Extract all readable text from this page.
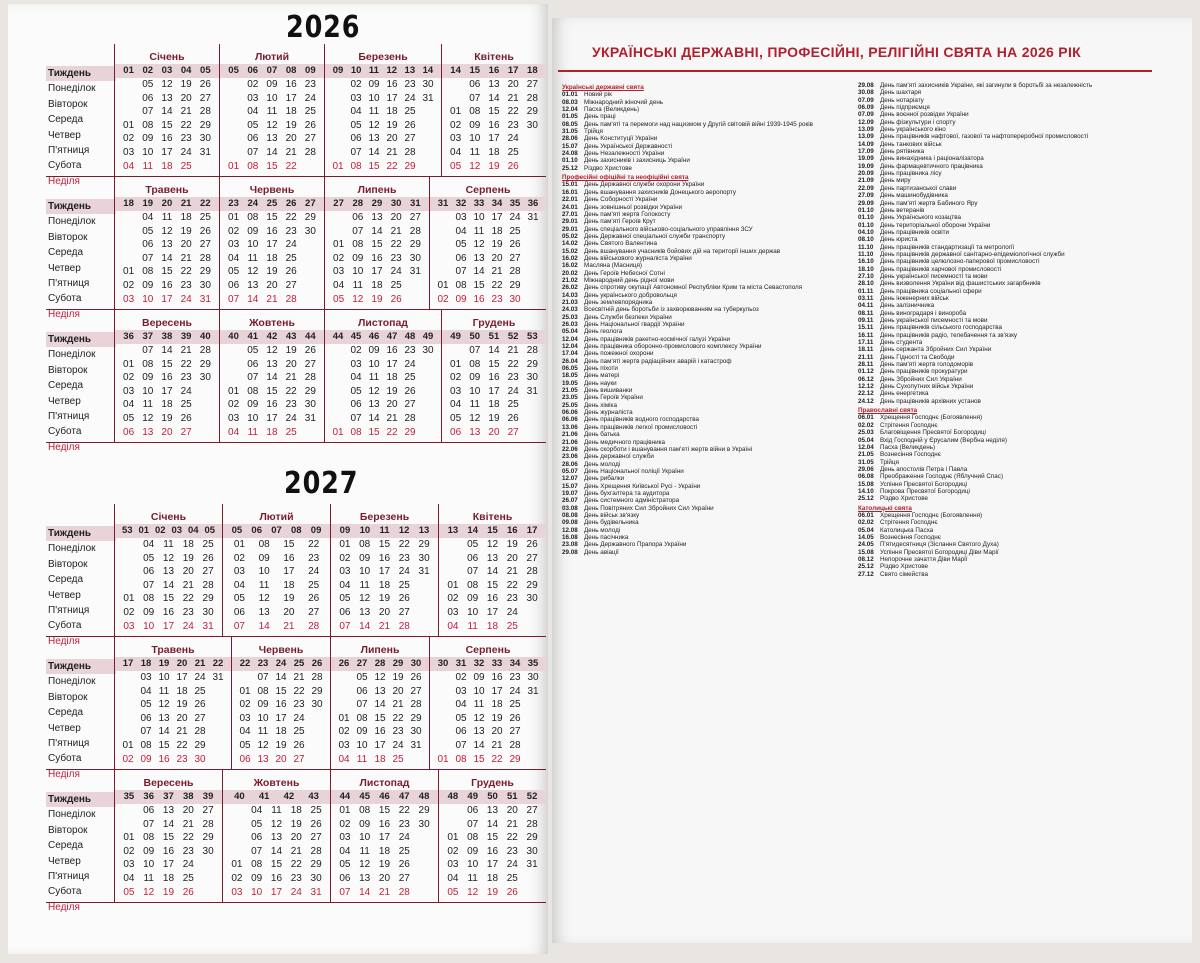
2026
Тиждень
Понеділок
Вівторок
Середа
Четвер
П'ятниця
Субота
Неділя
Січень
01 02 03 04 05
01
02
03
04
05
06
07
08
09
10
11
12
13
14
15
16
17
18
19
20
21
22
23
24
25
26
27
28
29
30
31
Лютий
05 06 07 08 09
01
02
03
04
05
06
07
08
09
10
11
12
13
14
15
16
17
18
19
20
21
22
23
24
25
26
27
28
Березень
09 10 11 12 13 14
01
02
03
04
05
06
07
08
09
10
11
12
13
14
15
16
17
18
19
20
21
22
23
24
25
26
27
28
29
30
31
Квітень
14 15 16 17 18
01
02
03
04
05
06
07
08
09
10
11
12
13
14
15
16
17
18
19
20
21
22
23
24
25
26
27
28
29
30
Тиждень
Понеділок
Вівторок
Середа
Четвер
П'ятниця
Субота
Неділя
Травень
18 19 20 21 22
01
02
03
04
05
06
07
08
09
10
11
12
13
14
15
16
17
18
19
20
21
22
23
24
25
26
27
28
29
30
31
Червень
23 24 25 26 27
01
02
03
04
05
06
07
08
09
10
11
12
13
14
15
16
17
18
19
20
21
22
23
24
25
26
27
28
29
30
Липень
27 28 29 30 31
01
02
03
04
05
06
07
08
09
10
11
12
13
14
15
16
17
18
19
20
21
22
23
24
25
26
27
28
29
30
31
Серпень
31 32 33 34 35 36
01
02
03
04
05
06
07
08
09
10
11
12
13
14
15
16
17
18
19
20
21
22
23
24
25
26
27
28
29
30
31
Тиждень
Понеділок
Вівторок
Середа
Четвер
П'ятниця
Субота
Неділя
Вересень
36 37 38 39 40
01
02
03
04
05
06
07
08
09
10
11
12
13
14
15
16
17
18
19
20
21
22
23
24
25
26
27
28
29
30
Жовтень
40 41 42 43 44
01
02
03
04
05
06
07
08
09
10
11
12
13
14
15
16
17
18
19
20
21
22
23
24
25
26
27
28
29
30
31
Листопад
44 45 46 47 48 49
01
02
03
04
05
06
07
08
09
10
11
12
13
14
15
16
17
18
19
20
21
22
23
24
25
26
27
28
29
30
Грудень
49 50 51 52 53
01
02
03
04
05
06
07
08
09
10
11
12
13
14
15
16
17
18
19
20
21
22
23
24
25
26
27
28
29
30
31
2027
Тиждень
Понеділок
Вівторок
Середа
Четвер
П'ятниця
Субота
Неділя
Січень
53 01 02 03 04 05
01
02
03
04
05
06
07
08
09
10
11
12
13
14
15
16
17
18
19
20
21
22
23
24
25
26
27
28
29
30
31
Лютий
05 06 07 08 09
01
02
03
04
05
06
07
08
09
10
11
12
13
14
15
16
17
18
19
20
21
22
23
24
25
26
27
28
Березень
09 10 11 12 13
01
02
03
04
05
06
07
08
09
10
11
12
13
14
15
16
17
18
19
20
21
22
23
24
25
26
27
28
29
30
31
Квітень
13 14 15 16 17
01
02
03
04
05
06
07
08
09
10
11
12
13
14
15
16
17
18
19
20
21
22
23
24
25
26
27
28
29
30
Тиждень
Понеділок
Вівторок
Середа
Четвер
П'ятниця
Субота
Неділя
Травень
17 18 19 20 21 22
01
02
03
04
05
06
07
08
09
10
11
12
13
14
15
16
17
18
19
20
21
22
23
24
25
26
27
28
29
30
31
Червень
22 23 24 25 26
01
02
03
04
05
06
07
08
09
10
11
12
13
14
15
16
17
18
19
20
21
22
23
24
25
26
27
28
29
30
Липень
26 27 28 29 30
01
02
03
04
05
06
07
08
09
10
11
12
13
14
15
16
17
18
19
20
21
22
23
24
25
26
27
28
29
30
31
Серпень
30 31 32 33 34 35
01
02
03
04
05
06
07
08
09
10
11
12
13
14
15
16
17
18
19
20
21
22
23
24
25
26
27
28
29
30
31
Тиждень
Понеділок
Вівторок
Середа
Четвер
П'ятниця
Субота
Неділя
Вересень
35 36 37 38 39
01
02
03
04
05
06
07
08
09
10
11
12
13
14
15
16
17
18
19
20
21
22
23
24
25
26
27
28
29
30
Жовтень
40 41 42 43
01
02
03
04
05
06
07
08
09
10
11
12
13
14
15
16
17
18
19
20
21
22
23
24
25
26
27
28
29
30
31
Листопад
44 45 46 47 48
01
02
03
04
05
06
07
08
09
10
11
12
13
14
15
16
17
18
19
20
21
22
23
24
25
26
27
28
29
30
Грудень
48 49 50 51 52
01
02
03
04
05
06
07
08
09
10
11
12
13
14
15
16
17
18
19
20
21
22
23
24
25
26
27
28
29
30
31
УКРАЇНСЬКІ ДЕРЖАВНІ, ПРОФЕСІЙНІ, РЕЛІГІЙНІ СВЯТА НА 2026 РІК
Українські державні свята
01.01 Новий рік
08.03 Міжнародний жіночий день
12.04 Пасха (Великдень)
01.05 День праці
08.05 День пам'яті та перемоги над нацизмом у Другій світовій війні 1939-1945 років
31.05 Трійця
28.06 День Конституції України
15.07 День Української Державності
24.08 День Незалежності України
01.10 День захисників і захисниць України
25.12 Різдво Христове
Професійні офіційні та неофіційні свята
15.01 День Державної служби охорони України
16.01 День вшанування захисників Донецького аеропорту
22.01 День Соборності України
24.01 День зовнішньої розвідки України
27.01 День пам'яті жертв Голокосту
29.01 День пам'яті Героїв Крут
29.01 День спеціального військово-соціального управління ЗСУ
05.02 День Державної спеціальної служби транспорту
14.02 День Святого Валентина
15.02 День вшанування учасників бойових дій на території інших держав
16.02 День військового журналіста України
16.02 Масляна (Масниця)
20.02 День Героїв Небесної Сотні
21.02 Міжнародний день рідної мови
26.02 День спротиву окупації Автономної Республіки Крим та міста Севастополя
14.03 День українського добровольця
21.03 День землевпорядника
24.03 Всесвітній день боротьби із захворюванням на туберкульоз
25.03 День Служби безпеки України
26.03 День Національної гвардії України
05.04 День геолога
12.04 День працівників ракетно-космічної галузі України
12.04 День працівника оборонно-промислового комплексу України
17.04 День пожежної охорони
26.04 День пам'яті жертв радіаційних аварій і катастроф
06.05 День піхоти
18.05 День матері
19.05 День науки
21.05 День вишиванки
23.05 День Героїв України
25.05 День хіміка
06.06 День журналіста
06.06 День працівників водного господарства
13.06 День працівників легкої промисловості
21.06 День батька
21.06 День медичного працівника
22.06 День скорботи і вшанування пам'яті жертв війни в Україні
23.06 День державної служби
28.06 День молоді
05.07 День Національної поліції України
12.07 День рибалки
15.07 День Хрещення Київської Русі - України
19.07 День бухгалтера та аудитора
26.07 День системного адміністратора
03.08 День Повітряних Сил Збройних Сил України
08.08 День військ зв'язку
09.08 День будівельника
12.08 День молоді
16.08 День пасічника
23.08 День Державного Прапора України
29.08 День авіації
29.08 День пам'яті захисників України, які загинули в боротьбі за незалежність
30.08 День шахтаря
07.09 День нотаріату
06.09 День підприємця
07.09 День воєнної розвідки України
12.09 День фізкультури і спорту
13.09 День українського кіно
13.09 День працівників нафтової, газової та нафтопереробної промисловості
14.09 День танкових військ
17.09 День рятівника
19.09 День винахідника і раціоналізатора
19.09 День фармацевтичного працівника
20.09 День працівника лісу
21.09 День миру
22.09 День партизанської слави
27.09 День машинобудівника
29.09 День пам'яті жертв Бабиного Яру
01.10 День ветеранів
01.10 День Українського козацтва
01.10 День територіальної оборони України
04.10 День працівників освіти
08.10 День юриста
11.10 День працівників стандартизації та метрології
11.10 День працівників державної санітарно-епідеміологічної служби
16.10 День працівників целюлозно-паперової промисловості
18.10 День працівників харчової промисловості
27.10 День української писемності та мови
28.10 День визволення України від фашистських загарбників
01.11 День працівника соціальної сфери
03.11 День інженерних військ
04.11 День залізничника
08.11 День виноградаря і винороба
09.11 День української писемності та мови
15.11 День працівників сільського господарства
16.11 День працівників радіо, телебачення та зв'язку
17.11 День студента
18.11 День сержанта Збройних Сил України
21.11 День Гідності та Свободи
28.11 День пам'яті жертв голодоморів
01.12 День працівників прокуратури
06.12 День Збройних Сил України
12.12 День Сухопутних військ України
22.12 День енергетика
24.12 День працівників архівних установ
Православні свята
06.01 Хрещення Господнє (Богоявлення)
02.02 Стрітення Господнє
25.03 Благовіщення Пресвятої Богородиці
05.04 Вхід Господній у Єрусалим (Вербна неділя)
12.04 Пасха (Великдень)
21.05 Вознесіння Господнє
31.05 Трійця
29.06 День апостолів Петра і Павла
06.08 Преображення Господнє (Яблучний Спас)
15.08 Успіння Пресвятої Богородиці
14.10 Покрова Пресвятої Богородиці
25.12 Різдво Христове
Католицькі свята
06.01 Хрещення Господнє (Богоявлення)
02.02 Стрітення Господнє
05.04 Католицька Пасха
14.05 Вознесіння Господнє
24.05 П'ятидесятниця (Зіслання Святого Духа)
15.08 Успіння Пресвятої Богородиці Діви Марії
08.12 Непорочне зачаття Діви Марії
25.12 Різдво Христове
27.12 Свято сімейства
